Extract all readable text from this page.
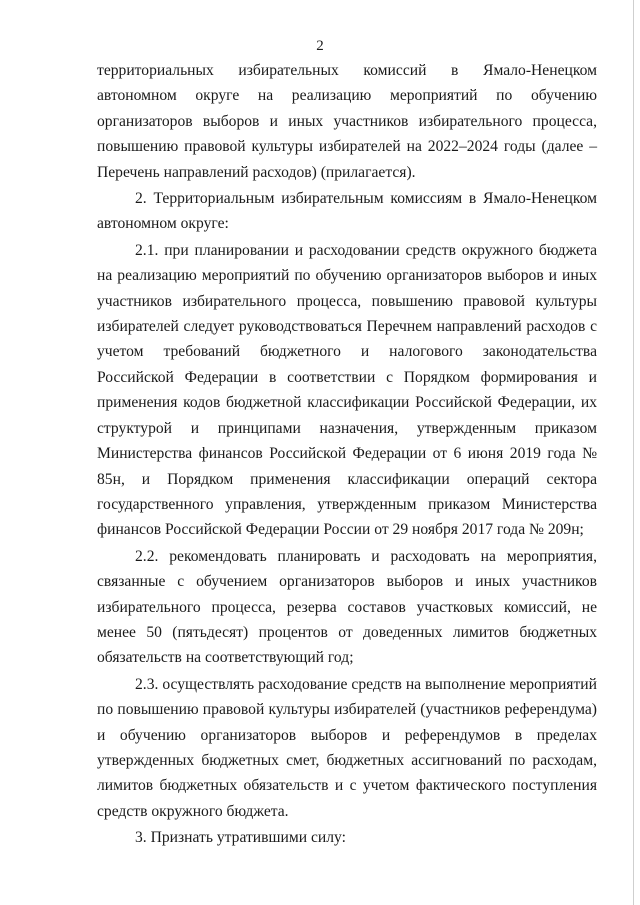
2

территориальных избирательных комиссий в Ямало-Ненецком автономном округе на реализацию мероприятий по обучению организаторов выборов и иных участников избирательного процесса, повышению правовой культуры избирателей на 2022–2024 годы (далее – Перечень направлений расходов) (прилагается).

2. Территориальным избирательным комиссиям в Ямало-Ненецком автономном округе:

2.1. при планировании и расходовании средств окружного бюджета на реализацию мероприятий по обучению организаторов выборов и иных участников избирательного процесса, повышению правовой культуры избирателей следует руководствоваться Перечнем направлений расходов с учетом требований бюджетного и налогового законодательства Российской Федерации в соответствии с Порядком формирования и применения кодов бюджетной классификации Российской Федерации, их структурой и принципами назначения, утвержденным приказом Министерства финансов Российской Федерации от 6 июня 2019 года № 85н, и Порядком применения классификации операций сектора государственного управления, утвержденным приказом Министерства финансов Российской Федерации России от 29 ноября 2017 года № 209н;

2.2. рекомендовать планировать и расходовать на мероприятия, связанные с обучением организаторов выборов и иных участников избирательного процесса, резерва составов участковых комиссий, не менее 50 (пятьдесят) процентов от доведенных лимитов бюджетных обязательств на соответствующий год;

2.3. осуществлять расходование средств на выполнение мероприятий по повышению правовой культуры избирателей (участников референдума) и обучению организаторов выборов и референдумов в пределах утвержденных бюджетных смет, бюджетных ассигнований по расходам, лимитов бюджетных обязательств и с учетом фактического поступления средств окружного бюджета.

3. Признать утратившими силу:
